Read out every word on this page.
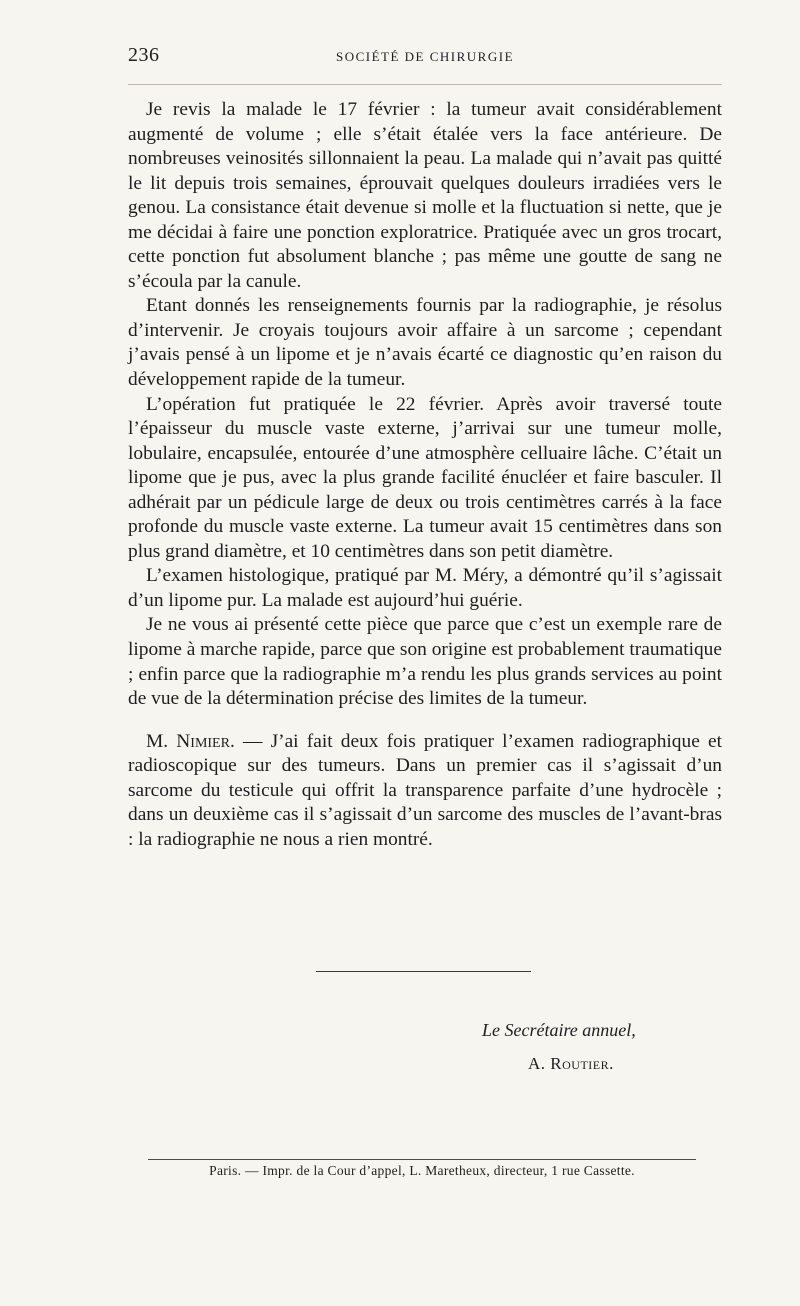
236	SOCIÉTÉ DE CHIRURGIE

Je revis la malade le 17 février : la tumeur avait considérablement augmenté de volume ; elle s’était étalée vers la face antérieure. De nombreuses veinosités sillonnaient la peau. La malade qui n’avait pas quitté le lit depuis trois semaines, éprouvait quelques douleurs irradiées vers le genou. La consistance était devenue si molle et la fluctuation si nette, que je me décidai à faire une ponction exploratrice. Pratiquée avec un gros trocart, cette ponction fut absolument blanche ; pas même une goutte de sang ne s’écoula par la canule.

Etant donnés les renseignements fournis par la radiographie, je résolus d’intervenir. Je croyais toujours avoir affaire à un sarcome ; cependant j’avais pensé à un lipome et je n’avais écarté ce diagnostic qu’en raison du développement rapide de la tumeur.

L’opération fut pratiquée le 22 février. Après avoir traversé toute l’épaisseur du muscle vaste externe, j’arrivai sur une tumeur molle, lobulaire, encapsulée, entourée d’une atmosphère celluaire lâche. C’était un lipome que je pus, avec la plus grande facilité énucléer et faire basculer. Il adhérait par un pédicule large de deux ou trois centimètres carrés à la face profonde du muscle vaste externe. La tumeur avait 15 centimètres dans son plus grand diamètre, et 10 centimètres dans son petit diamètre.

L’examen histologique, pratiqué par M. Méry, a démontré qu’il s’agissait d’un lipome pur. La malade est aujourd’hui guérie.

Je ne vous ai présenté cette pièce que parce que c’est un exemple rare de lipome à marche rapide, parce que son origine est probablement traumatique ; enfin parce que la radiographie m’a rendu les plus grands services au point de vue de la détermination précise des limites de la tumeur.

M. Nimier. — J’ai fait deux fois pratiquer l’examen radiographique et radioscopique sur des tumeurs. Dans un premier cas il s’agissait d’un sarcome du testicule qui offrit la transparence parfaite d’une hydrocèle ; dans un deuxième cas il s’agissait d’un sarcome des muscles de l’avant-bras : la radiographie ne nous a rien montré.

Le Secrétaire annuel,
A. Routier.
Paris. — Impr. de la Cour d’appel, L. Maretheux, directeur, 1 rue Cassette.
